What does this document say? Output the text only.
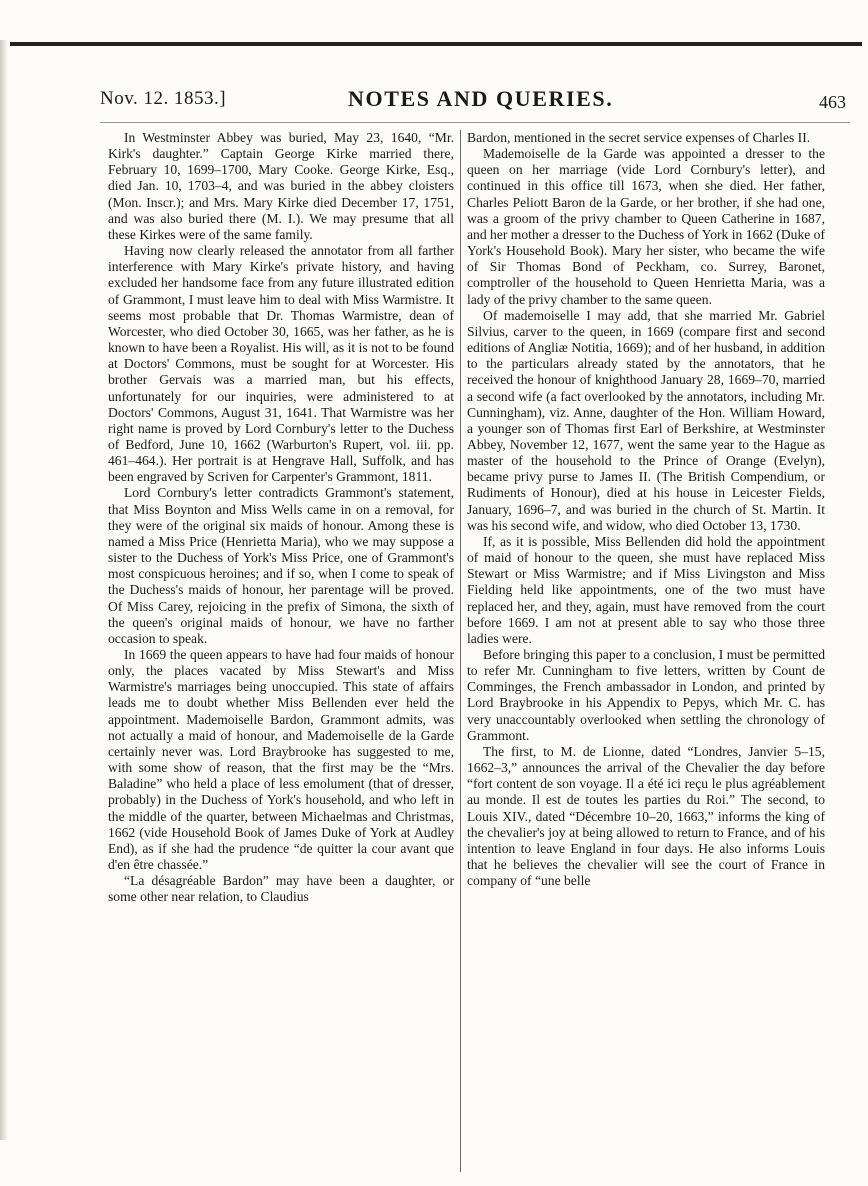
Nov. 12. 1853.]	NOTES AND QUERIES.	463

In Westminster Abbey was buried, May 23, 1640, “Mr. Kirk's daughter.” Captain George Kirke married there, February 10, 1699–1700, Mary Cooke. George Kirke, Esq., died Jan. 10, 1703–4, and was buried in the abbey cloisters (Mon. Inscr.); and Mrs. Mary Kirke died December 17, 1751, and was also buried there (M. I.). We may presume that all these Kirkes were of the same family.

Having now clearly released the annotator from all farther interference with Mary Kirke's private history, and having excluded her handsome face from any future illustrated edition of Grammont, I must leave him to deal with Miss Warmistre. It seems most probable that Dr. Thomas Warmistre, dean of Worcester, who died October 30, 1665, was her father, as he is known to have been a Royalist. His will, as it is not to be found at Doctors' Commons, must be sought for at Worcester. His brother Gervais was a married man, but his effects, unfortunately for our inquiries, were administered to at Doctors' Commons, August 31, 1641. That Warmistre was her right name is proved by Lord Cornbury's letter to the Duchess of Bedford, June 10, 1662 (Warburton's Rupert, vol. iii. pp. 461–464.). Her portrait is at Hengrave Hall, Suffolk, and has been engraved by Scriven for Carpenter's Grammont, 1811.

Lord Cornbury's letter contradicts Grammont's statement, that Miss Boynton and Miss Wells came in on a removal, for they were of the original six maids of honour. Among these is named a Miss Price (Henrietta Maria), who we may suppose a sister to the Duchess of York's Miss Price, one of Grammont's most conspicuous heroines; and if so, when I come to speak of the Duchess's maids of honour, her parentage will be proved. Of Miss Carey, rejoicing in the prefix of Simona, the sixth of the queen's original maids of honour, we have no farther occasion to speak.

In 1669 the queen appears to have had four maids of honour only, the places vacated by Miss Stewart's and Miss Warmistre's marriages being unoccupied. This state of affairs leads me to doubt whether Miss Bellenden ever held the appointment. Mademoiselle Bardon, Grammont admits, was not actually a maid of honour, and Mademoiselle de la Garde certainly never was. Lord Braybrooke has suggested to me, with some show of reason, that the first may be the “Mrs. Baladine” who held a place of less emolument (that of dresser, probably) in the Duchess of York's household, and who left in the middle of the quarter, between Michaelmas and Christmas, 1662 (vide Household Book of James Duke of York at Audley End), as if she had the prudence “de quitter la cour avant que d'en être chassée.”

“La désagréable Bardon” may have been a daughter, or some other near relation, to Claudius

Bardon, mentioned in the secret service expenses of Charles II.

Mademoiselle de la Garde was appointed a dresser to the queen on her marriage (vide Lord Cornbury's letter), and continued in this office till 1673, when she died. Her father, Charles Peliott Baron de la Garde, or her brother, if she had one, was a groom of the privy chamber to Queen Catherine in 1687, and her mother a dresser to the Duchess of York in 1662 (Duke of York's Household Book). Mary her sister, who became the wife of Sir Thomas Bond of Peckham, co. Surrey, Baronet, comptroller of the household to Queen Henrietta Maria, was a lady of the privy chamber to the same queen.

Of mademoiselle I may add, that she married Mr. Gabriel Silvius, carver to the queen, in 1669 (compare first and second editions of Angliæ Notitia, 1669); and of her husband, in addition to the particulars already stated by the annotators, that he received the honour of knighthood January 28, 1669–70, married a second wife (a fact overlooked by the annotators, including Mr. Cunningham), viz. Anne, daughter of the Hon. William Howard, a younger son of Thomas first Earl of Berkshire, at Westminster Abbey, November 12, 1677, went the same year to the Hague as master of the household to the Prince of Orange (Evelyn), became privy purse to James II. (The British Compendium, or Rudiments of Honour), died at his house in Leicester Fields, January, 1696–7, and was buried in the church of St. Martin. It was his second wife, and widow, who died October 13, 1730.

If, as it is possible, Miss Bellenden did hold the appointment of maid of honour to the queen, she must have replaced Miss Stewart or Miss Warmistre; and if Miss Livingston and Miss Fielding held like appointments, one of the two must have replaced her, and they, again, must have removed from the court before 1669. I am not at present able to say who those three ladies were.

Before bringing this paper to a conclusion, I must be permitted to refer Mr. Cunningham to five letters, written by Count de Comminges, the French ambassador in London, and printed by Lord Braybrooke in his Appendix to Pepys, which Mr. C. has very unaccountably overlooked when settling the chronology of Grammont.

The first, to M. de Lionne, dated “Londres, Janvier 5–15, 1662–3,” announces the arrival of the Chevalier the day before “fort content de son voyage. Il a été ici reçu le plus agréablement au monde. Il est de toutes les parties du Roi.” The second, to Louis XIV., dated “Décembre 10–20, 1663,” informs the king of the chevalier's joy at being allowed to return to France, and of his intention to leave England in four days. He also informs Louis that he believes the chevalier will see the court of France in company of “une belle
